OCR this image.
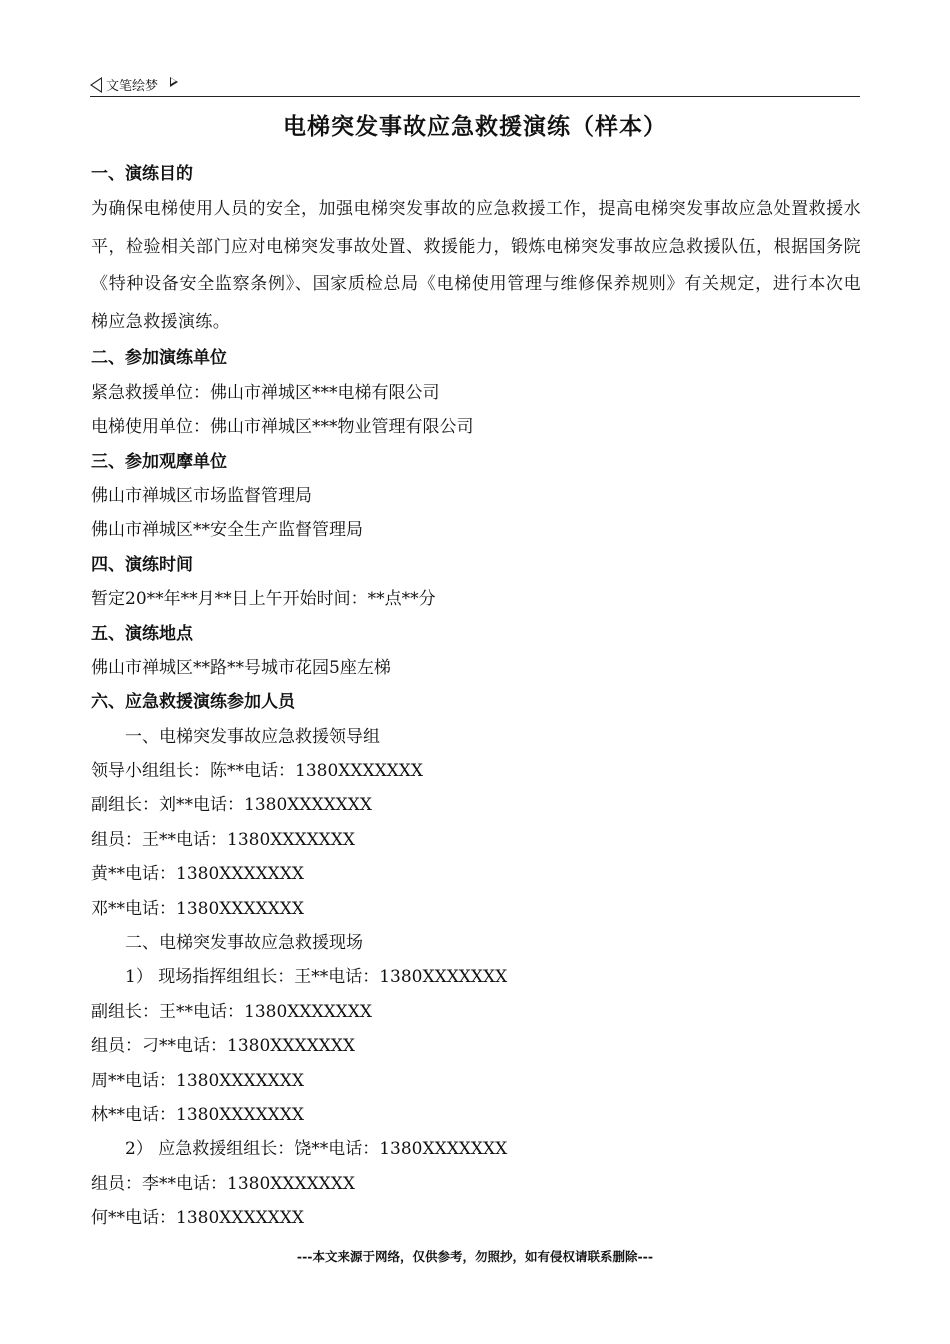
文笔绘梦
电梯突发事故应急救援演练（样本）
一、演练目的
为确保电梯使用人员的安全，加强电梯突发事故的应急救援工作，提高电梯突发事故应急处置救援水平，检验相关部门应对电梯突发事故处置、救援能力，锻炼电梯突发事故应急救援队伍，根据国务院《特种设备安全监察条例》、国家质检总局《电梯使用管理与维修保养规则》有关规定，进行本次电梯应急救援演练。
二、参加演练单位
紧急救援单位：佛山市禅城区***电梯有限公司
电梯使用单位：佛山市禅城区***物业管理有限公司
三、参加观摩单位
佛山市禅城区市场监督管理局
佛山市禅城区**安全生产监督管理局
四、演练时间
暂定20**年**月**日上午开始时间：**点**分
五、演练地点
佛山市禅城区**路**号城市花园5座左梯
六、应急救援演练参加人员
一、电梯突发事故应急救援领导组
领导小组组长：陈**电话：1380XXXXXXX
副组长：刘**电话：1380XXXXXXX
组员：王**电话：1380XXXXXXX
黄**电话：1380XXXXXXX
邓**电话：1380XXXXXXX
二、电梯突发事故应急救援现场
1） 现场指挥组组长：王**电话：1380XXXXXXX
副组长：王**电话：1380XXXXXXX
组员：刁**电话：1380XXXXXXX
周**电话：1380XXXXXXX
林**电话：1380XXXXXXX
2） 应急救援组组长：饶**电话：1380XXXXXXX
组员：李**电话：1380XXXXXXX
何**电话：1380XXXXXXX
---本文来源于网络，仅供参考，勿照抄，如有侵权请联系删除---
